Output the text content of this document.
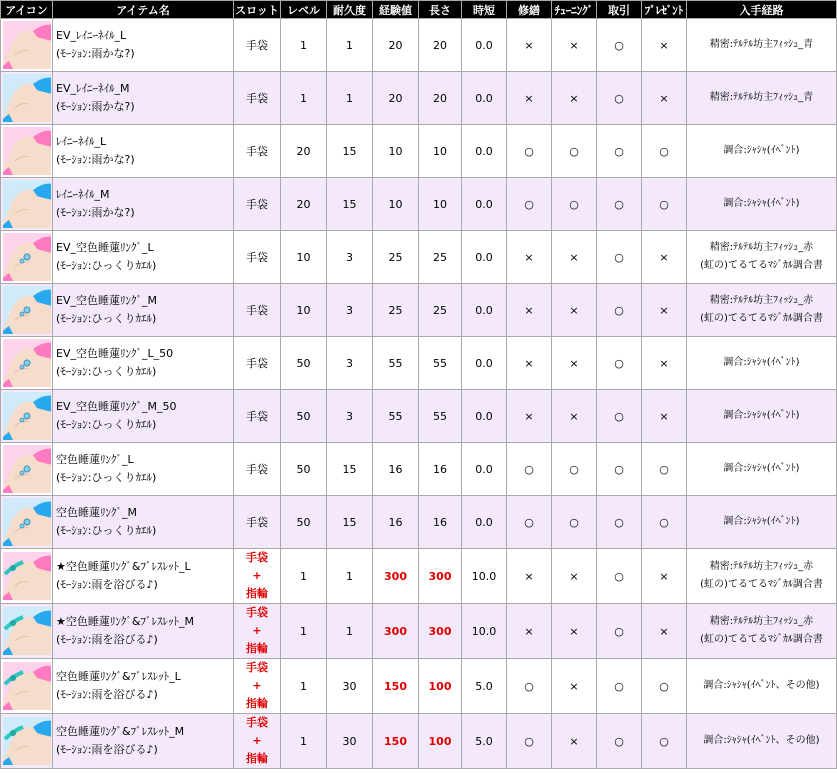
アイコン	アイテム名	スロット	レベル	耐久度	経験値	長さ	時短	修繕	ﾁｭｰﾆﾝｸﾞ	取引	ﾌﾟﾚｾﾞﾝﾄ	入手経路

EV_ﾚｲﾆｰﾈｲﾙ_L
(ﾓｰｼｮﾝ:雨かな?)	手袋	1	1	20	20	0.0	×	×	○	×	精密:ﾃﾙﾃﾙ坊主ﾌｨｯｼｭ_青

EV_ﾚｲﾆｰﾈｲﾙ_M
(ﾓｰｼｮﾝ:雨かな?)	手袋	1	1	20	20	0.0	×	×	○	×	精密:ﾃﾙﾃﾙ坊主ﾌｨｯｼｭ_青

ﾚｲﾆｰﾈｲﾙ_L
(ﾓｰｼｮﾝ:雨かな?)	手袋	20	15	10	10	0.0	○	○	○	○	調合:ｼｬｼｬ(ｲﾍﾞﾝﾄ)

ﾚｲﾆｰﾈｲﾙ_M
(ﾓｰｼｮﾝ:雨かな?)	手袋	20	15	10	10	0.0	○	○	○	○	調合:ｼｬｼｬ(ｲﾍﾞﾝﾄ)

EV_空色睡蓮ﾘﾝｸﾞ_L
(ﾓｰｼｮﾝ:ひっくりｶｴﾙ)	手袋	10	3	25	25	0.0	×	×	○	×	精密:ﾃﾙﾃﾙ坊主ﾌｨｯｼｭ_赤
(虹の)てるてるﾏｼﾞｶﾙ調合書

EV_空色睡蓮ﾘﾝｸﾞ_M
(ﾓｰｼｮﾝ:ひっくりｶｴﾙ)	手袋	10	3	25	25	0.0	×	×	○	×	精密:ﾃﾙﾃﾙ坊主ﾌｨｯｼｭ_赤
(虹の)てるてるﾏｼﾞｶﾙ調合書

EV_空色睡蓮ﾘﾝｸﾞ_L_50
(ﾓｰｼｮﾝ:ひっくりｶｴﾙ)	手袋	50	3	55	55	0.0	×	×	○	×	調合:ｼｬｼｬ(ｲﾍﾞﾝﾄ)

EV_空色睡蓮ﾘﾝｸﾞ_M_50
(ﾓｰｼｮﾝ:ひっくりｶｴﾙ)	手袋	50	3	55	55	0.0	×	×	○	×	調合:ｼｬｼｬ(ｲﾍﾞﾝﾄ)

空色睡蓮ﾘﾝｸﾞ_L
(ﾓｰｼｮﾝ:ひっくりｶｴﾙ)	手袋	50	15	16	16	0.0	○	○	○	○	調合:ｼｬｼｬ(ｲﾍﾞﾝﾄ)

空色睡蓮ﾘﾝｸﾞ_M
(ﾓｰｼｮﾝ:ひっくりｶｴﾙ)	手袋	50	15	16	16	0.0	○	○	○	○	調合:ｼｬｼｬ(ｲﾍﾞﾝﾄ)

★空色睡蓮ﾘﾝｸﾞ&ﾌﾞﾚｽﾚｯﾄ_L
(ﾓｰｼｮﾝ:雨を浴びる♪)	手袋
+
指輪	1	1	300	300	10.0	×	×	○	×	精密:ﾃﾙﾃﾙ坊主ﾌｨｯｼｭ_赤
(虹の)てるてるﾏｼﾞｶﾙ調合書

★空色睡蓮ﾘﾝｸﾞ&ﾌﾞﾚｽﾚｯﾄ_M
(ﾓｰｼｮﾝ:雨を浴びる♪)	手袋
+
指輪	1	1	300	300	10.0	×	×	○	×	精密:ﾃﾙﾃﾙ坊主ﾌｨｯｼｭ_赤
(虹の)てるてるﾏｼﾞｶﾙ調合書

空色睡蓮ﾘﾝｸﾞ&ﾌﾞﾚｽﾚｯﾄ_L
(ﾓｰｼｮﾝ:雨を浴びる♪)	手袋
+
指輪	1	30	150	100	5.0	○	×	○	○	調合:ｼｬｼｬ(ｲﾍﾞﾝﾄ、その他)

空色睡蓮ﾘﾝｸﾞ&ﾌﾞﾚｽﾚｯﾄ_M
(ﾓｰｼｮﾝ:雨を浴びる♪)	手袋
+
指輪	1	30	150	100	5.0	○	×	○	○	調合:ｼｬｼｬ(ｲﾍﾞﾝﾄ、その他)
